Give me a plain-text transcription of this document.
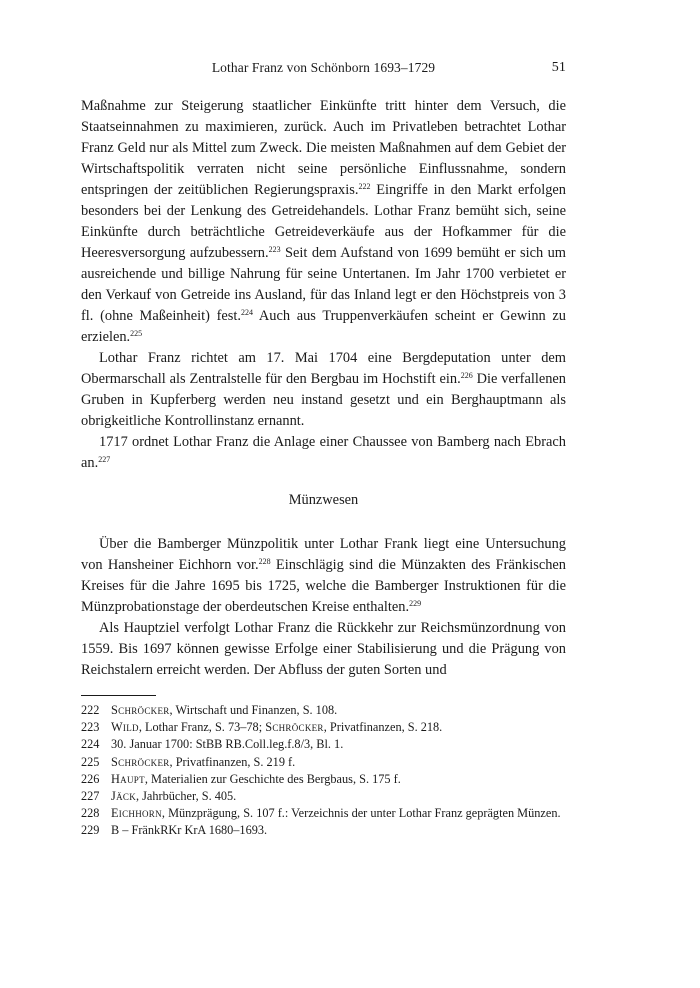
Lothar Franz von Schönborn 1693–1729	51

Maßnahme zur Steigerung staatlicher Einkünfte tritt hinter dem Versuch, die Staatseinnahmen zu maximieren, zurück. Auch im Privatleben betrachtet Lothar Franz Geld nur als Mittel zum Zweck. Die meisten Maßnahmen auf dem Gebiet der Wirtschaftspolitik verraten nicht seine persönliche Einflussnahme, sondern entspringen der zeitüblichen Regierungspraxis.$^{222}$ Eingriffe in den Markt erfolgen besonders bei der Lenkung des Getreidehandels. Lothar Franz bemüht sich, seine Einkünfte durch beträchtliche Getreideverkäufe aus der Hofkammer für die Heeresversorgung aufzubessern.$^{223}$ Seit dem Aufstand von 1699 bemüht er sich um ausreichende und billige Nahrung für seine Untertanen. Im Jahr 1700 verbietet er den Verkauf von Getreide ins Ausland, für das Inland legt er den Höchstpreis von 3 fl. (ohne Maßeinheit) fest.$^{224}$ Auch aus Truppenverkäufen scheint er Gewinn zu erzielen.$^{225}$

Lothar Franz richtet am 17. Mai 1704 eine Bergdeputation unter dem Obermarschall als Zentralstelle für den Bergbau im Hochstift ein.$^{226}$ Die verfallenen Gruben in Kupferberg werden neu instand gesetzt und ein Berghauptmann als obrigkeitliche Kontrollinstanz ernannt.

1717 ordnet Lothar Franz die Anlage einer Chaussee von Bamberg nach Ebrach an.$^{227}$

Münzwesen

Über die Bamberger Münzpolitik unter Lothar Frank liegt eine Untersuchung von Hansheiner Eichhorn vor.$^{228}$ Einschlägig sind die Münzakten des Fränkischen Kreises für die Jahre 1695 bis 1725, welche die Bamberger Instruktionen für die Münzprobationstage der oberdeutschen Kreise enthalten.$^{229}$

Als Hauptziel verfolgt Lothar Franz die Rückkehr zur Reichsmünzordnung von 1559. Bis 1697 können gewisse Erfolge einer Stabilisierung und die Prägung von Reichstalern erreicht werden. Der Abfluss der guten Sorten und

222 Schröcker, Wirtschaft und Finanzen, S. 108.
223 Wild, Lothar Franz, S. 73–78; Schröcker, Privatfinanzen, S. 218.
224 30. Januar 1700: StBB RB.Coll.leg.f.8/3, Bl. 1.
225 Schröcker, Privatfinanzen, S. 219 f.
226 Haupt, Materialien zur Geschichte des Bergbaus, S. 175 f.
227 Jäck, Jahrbücher, S. 405.
228 Eichhorn, Münzprägung, S. 107 f.: Verzeichnis der unter Lothar Franz geprägten Münzen.
229 B – FränkRKr KrA 1680–1693.
